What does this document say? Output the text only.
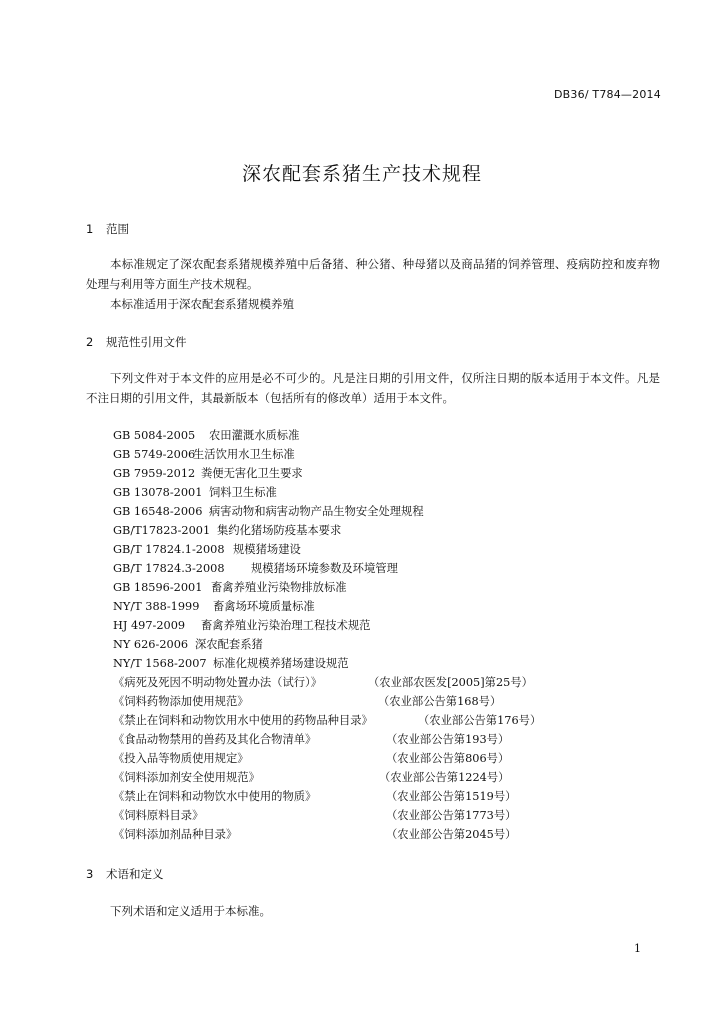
DB36/ T784—2014
深农配套系猪生产技术规程
1 范围
本标准规定了深农配套系猪规模养殖中后备猪、种公猪、种母猪以及商品猪的饲养管理、疫病防控和废弃物处理与利用等方面生产技术规程。
本标准适用于深农配套系猪规模养殖
2 规范性引用文件
下列文件对于本文件的应用是必不可少的。凡是注日期的引用文件，仅所注日期的版本适用于本文件。凡是不注日期的引用文件，其最新版本（包括所有的修改单）适用于本文件。
GB 5084-2005 农田灌溉水质标准
GB 5749-2006生活饮用水卫生标准
GB 7959-2012 粪便无害化卫生要求
GB 13078-2001 饲料卫生标准
GB 16548-2006 病害动物和病害动物产品生物安全处理规程
GB/T17823-2001 集约化猪场防疫基本要求
GB/T 17824.1-2008 规模猪场建设
GB/T 17824.3-2008 规模猪场环境参数及环境管理
GB 18596-2001 畜禽养殖业污染物排放标准
NY/T 388-1999 畜禽场环境质量标准
HJ 497-2009 畜禽养殖业污染治理工程技术规范
NY 626-2006 深农配套系猪
NY/T 1568-2007 标准化规模养猪场建设规范
《病死及死因不明动物处置办法（试行）》	（农业部农医发[2005]第25号）
《饲料药物添加使用规范》	（农业部公告第168号）
《禁止在饲料和动物饮用水中使用的药物品种目录》	（农业部公告第176号）
《食品动物禁用的兽药及其化合物清单》	（农业部公告第193号）
《投入品等物质使用规定》	（农业部公告第806号）
《饲料添加剂安全使用规范》	（农业部公告第1224号）
《禁止在饲料和动物饮水中使用的物质》	（农业部公告第1519号）
《饲料原料目录》	（农业部公告第1773号）
《饲料添加剂品种目录》	（农业部公告第2045号）
3 术语和定义
下列术语和定义适用于本标准。
1
